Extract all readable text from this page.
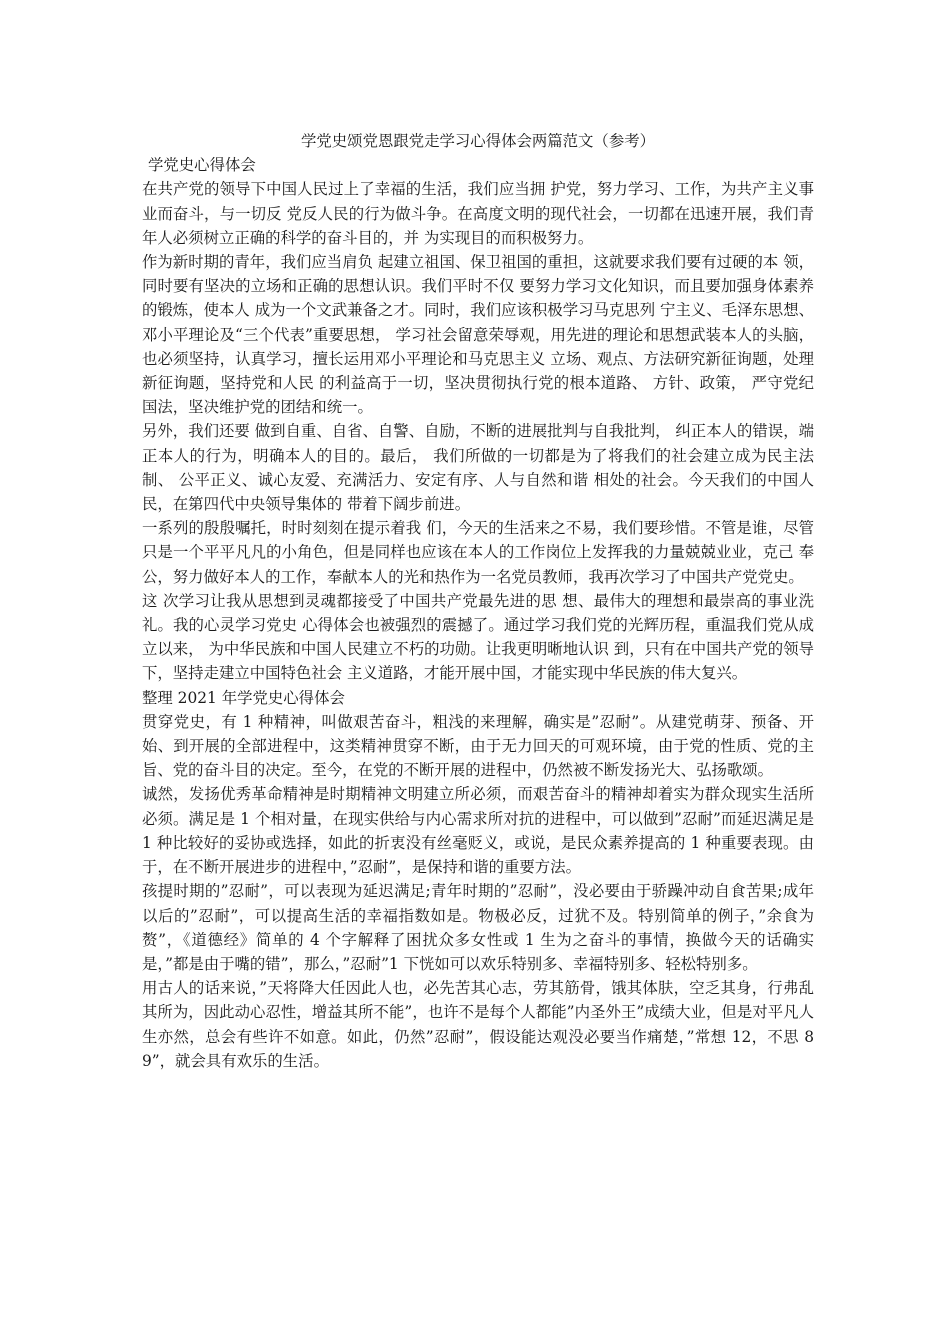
学党史颂党恩跟党走学习心得体会两篇范文（参考）
学党史心得体会

在共产党的领导下中国人民过上了幸福的生活，我们应当拥 护党，努力学习、工作，为共产主义事业而奋斗，与一切反 党反人民的行为做斗争。在高度文明的现代社会，一切都在迅速开展，我们青年人必须树立正确的科学的奋斗目的，并 为实现目的而积极努力。

作为新时期的青年，我们应当肩负 起建立祖国、保卫祖国的重担，这就要求我们要有过硬的本 领，同时要有坚决的立场和正确的思想认识。我们平时不仅 要努力学习文化知识，而且要加强身体素养的锻炼，使本人 成为一个文武兼备之才。同时，我们应该积极学习马克思列 宁主义、毛泽东思想、邓小平理论及“三个代表”重要思想， 学习社会留意荣辱观，用先进的理论和思想武装本人的头脑， 也必须坚持，认真学习，擅长运用邓小平理论和马克思主义 立场、观点、方法研究新征询题，处理新征询题，坚持党和人民 的利益高于一切，坚决贯彻执行党的根本道路、 方针、政策， 严守党纪国法，坚决维护党的团结和统一。

另外，我们还要 做到自重、自省、自警、自励，不断的进展批判与自我批判， 纠正本人的错误，端正本人的行为，明确本人的目的。最后， 我们所做的一切都是为了将我们的社会建立成为民主法制、 公平正义、诚心友爱、充满活力、安定有序、人与自然和谐 相处的社会。今天我们的中国人民，在第四代中央领导集体的 带着下阔步前进。

一系列的殷殷嘱托，时时刻刻在提示着我 们，今天的生活来之不易，我们要珍惜。不管是谁，尽管只是一个平平凡凡的小角色，但是同样也应该在本人的工作岗位上发挥我的力量兢兢业业，克己 奉公，努力做好本人的工作，奉献本人的光和热作为一名党员教师，我再次学习了中国共产党党史。

这 次学习让我从思想到灵魂都接受了中国共产党最先进的思 想、最伟大的理想和最崇高的事业洗礼。我的心灵学习党史 心得体会也被强烈的震撼了。通过学习我们党的光辉历程，重温我们党从成立以来， 为中华民族和中国人民建立不朽的功勋。让我更明晰地认识 到，只有在中国共产党的领导下，坚持走建立中国特色社会 主义道路，才能开展中国，才能实现中华民族的伟大复兴。

整理 2021 年学党史心得体会

贯穿党史，有 1 种精神，叫做艰苦奋斗，粗浅的来理解，确实是”忍耐”。从建党萌芽、预备、开始、到开展的全部进程中，这类精神贯穿不断，由于无力回天的可观环境，由于党的性质、党的主旨、党的奋斗目的决定。至今，在党的不断开展的进程中，仍然被不断发扬光大、弘扬歌颂。

诚然，发扬优秀革命精神是时期精神文明建立所必须，而艰苦奋斗的精神却着实为群众现实生活所必须。满足是 1 个相对量，在现实供给与内心需求所对抗的进程中，可以做到”忍耐”而延迟满足是 1 种比较好的妥协或选择，如此的折衷没有丝毫贬义，或说，是民众素养提高的 1 种重要表现。由于，在不断开展进步的进程中，”忍耐”，是保持和谐的重要方法。

孩提时期的”忍耐”，可以表现为延迟满足;青年时期的”忍耐”，没必要由于骄躁冲动自食苦果;成年以后的”忍耐”，可以提高生活的幸福指数如是。物极必反，过犹不及。特别简单的例子，”余食为赘”，《道德经》简单的 4 个字解释了困扰众多女性或 1 生为之奋斗的事情，换做今天的话确实是，”都是由于嘴的错”，那么，”忍耐”1 下恍如可以欢乐特别多、幸福特别多、轻松特别多。

用古人的话来说，”天将降大任因此人也，必先苦其心志，劳其筋骨，饿其体肤，空乏其身，行弗乱其所为，因此动心忍性，增益其所不能”，也许不是每个人都能”内圣外王”成绩大业，但是对平凡人生亦然，总会有些许不如意。如此，仍然”忍耐”，假设能达观没必要当作痛楚，”常想 12，不思 89”，就会具有欢乐的生活。
